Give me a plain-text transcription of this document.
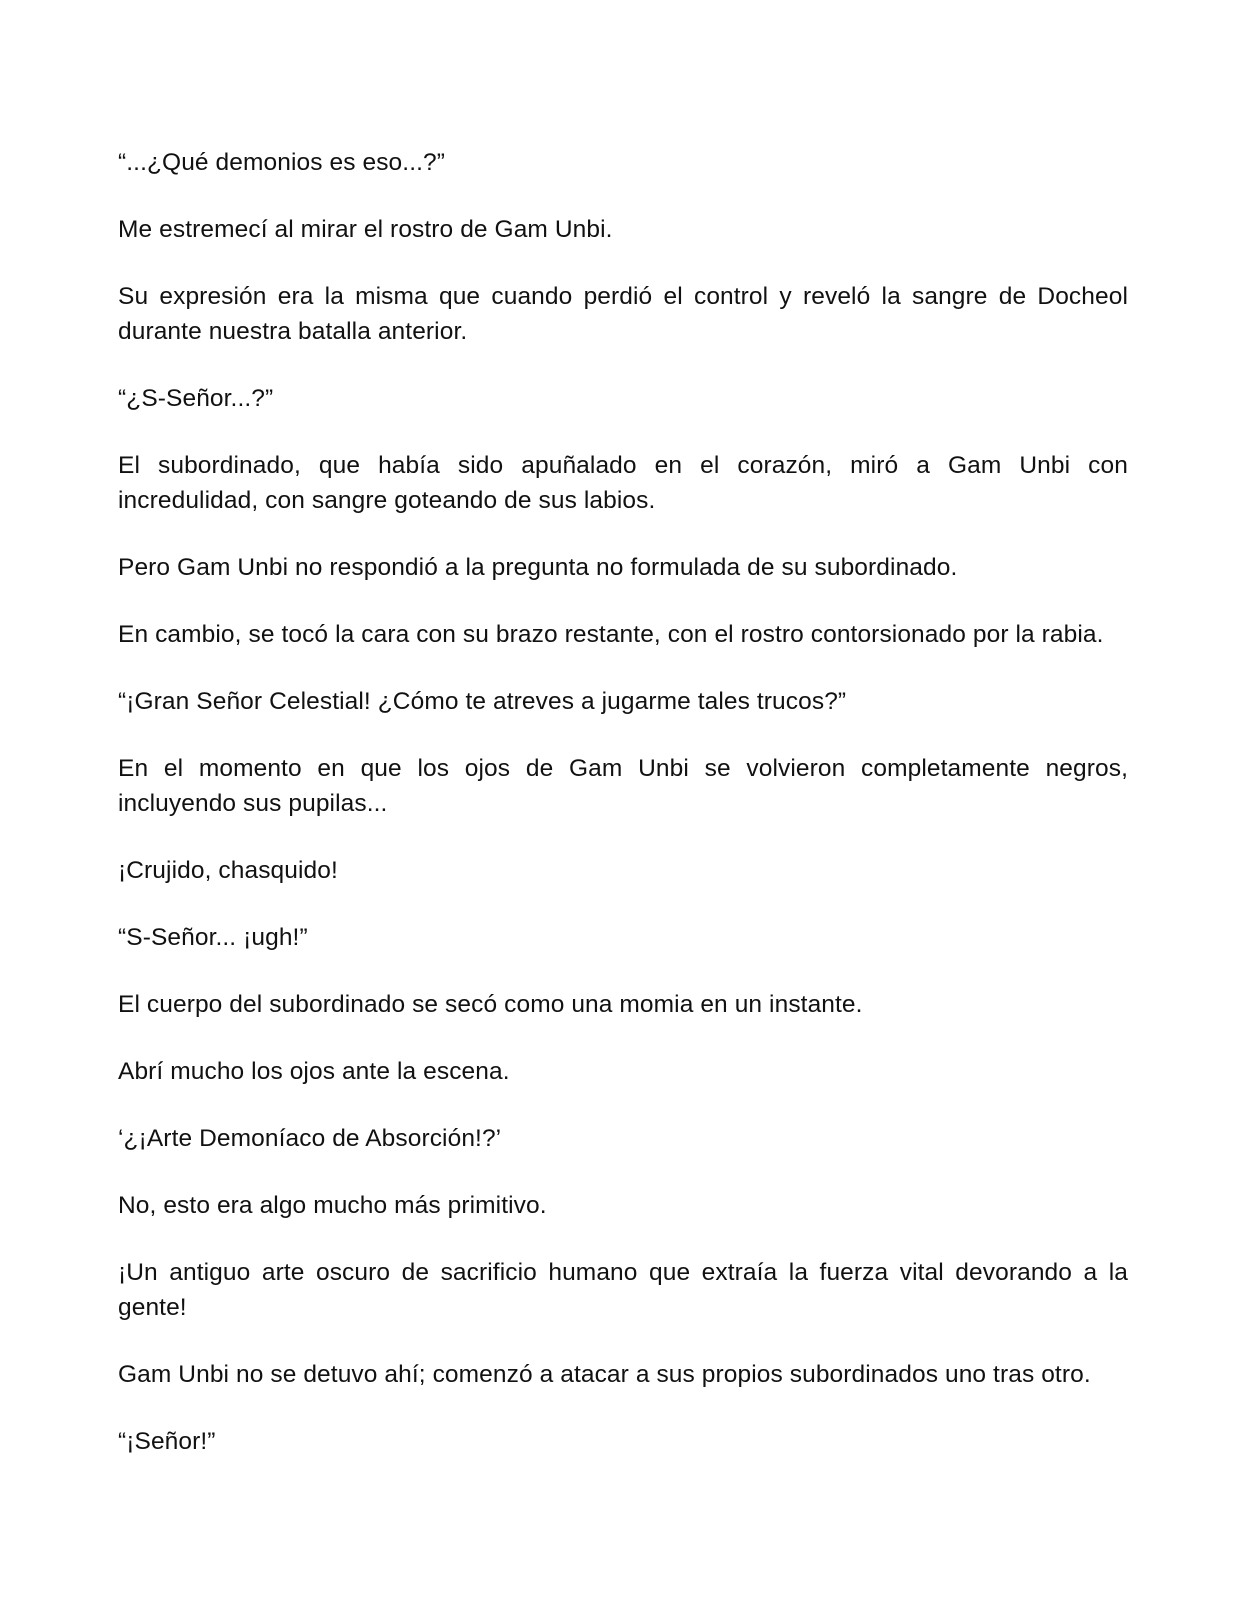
“...¿Qué demonios es eso...?”

Me estremecí al mirar el rostro de Gam Unbi.

Su expresión era la misma que cuando perdió el control y reveló la sangre de Docheol durante nuestra batalla anterior.

“¿S-Señor...?”

El subordinado, que había sido apuñalado en el corazón, miró a Gam Unbi con incredulidad, con sangre goteando de sus labios.

Pero Gam Unbi no respondió a la pregunta no formulada de su subordinado.

En cambio, se tocó la cara con su brazo restante, con el rostro contorsionado por la rabia.

“¡Gran Señor Celestial! ¿Cómo te atreves a jugarme tales trucos?”

En el momento en que los ojos de Gam Unbi se volvieron completamente negros, incluyendo sus pupilas...

¡Crujido, chasquido!

“S-Señor... ¡ugh!”

El cuerpo del subordinado se secó como una momia en un instante.

Abrí mucho los ojos ante la escena.

‘¿¡Arte Demoníaco de Absorción!?’

No, esto era algo mucho más primitivo.

¡Un antiguo arte oscuro de sacrificio humano que extraía la fuerza vital devorando a la gente!

Gam Unbi no se detuvo ahí; comenzó a atacar a sus propios subordinados uno tras otro.

“¡Señor!”
